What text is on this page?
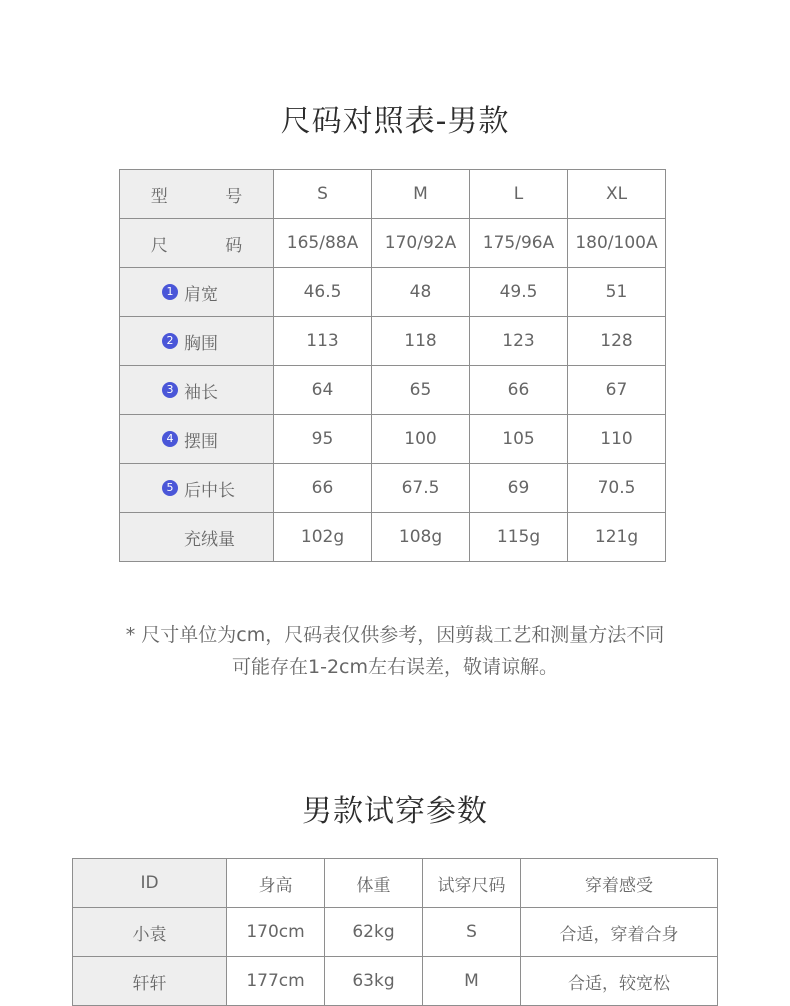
尺码对照表-男款
型 号	S	M	L	XL
尺 码	165/88A	170/92A	175/96A	180/100A

1 肩宽	46.5	48	49.5	51

2 胸围	113	118	123	128

3 袖长	64	65	66	67

4 摆围	95	100	105	110

5 后中长	66	67.5	69	70.5
充绒量	102g	108g	115g	121g
* 尺寸单位为cm，尺码表仅供参考，因剪裁工艺和测量方法不同
可能存在1-2cm左右误差，敬请谅解。
男款试穿参数
ID	身高	体重	试穿尺码	穿着感受
小袁	170cm	62kg	S	合适，穿着合身
轩轩	177cm	63kg	M	合适，较宽松
